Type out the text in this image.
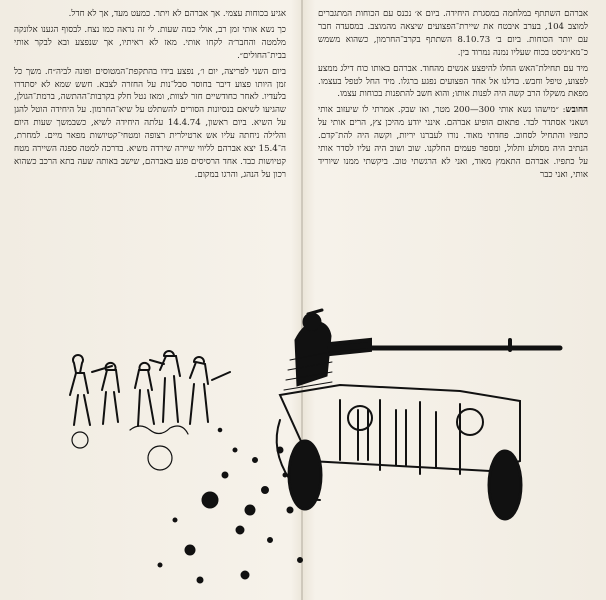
אברהם השתתף במלחמה במסגרת היחידה. ביום א׳ נכנס עם הכוחות המתגברים למוצב 104, בערב איבטח את שיירת־הפצועים שיצאה מהמוצב. במסעדה חבר עם יותר הכוחות. ביום ב׳ 8.10.73 השתתף בקרב־החרמון, כשהוא משמש כ־מא״גיסט בכוח שעליו נמנה נמרוד בין.

מיד עם תחילת־האש החלו להיפצע אנשים מהחוד. אברהם באותו כוח דילג ממצע לפצוע, טיפל וחבש. בדלנו אל אחד הפצועים נפגע ברגלו. מיד החל לטפל בעצמו. מפאת משקלו הרב קשה היה לפנות אותו; והוא חשב להתפנות בכוחות עצמו.

החובש: ״מישהו נשא אותי 300—200 מטר, ואז שבק. אמרתי לו שיעזוב אותי ושאני אסתדר לבד. פתאום הופיע אברהם. אינני יודע מהיכן צץ, הרים אותי על כתפיו והתחיל לסחוב. פחדתי מאוד. נורו לעברנו יריות, וקשה היה להת־קדם. הנתיב היה מסולע ותלול, ומספר פעמים החלקנו. שוב ושוב היה עליו לסדר אותי על כתפיו. אברהם התאמץ מאוד, ואני לא הרגשתי טוב. ביקשתי ממנו שיוריד אותי, ואני כבר

אגיע בכוחות עצמי. אך אברהם לא ויתר. כמעט מעד, אך לא חדל.

כך נשא אותי זמן רב, אולי כמה שעות. לי זה נראה כמו נצח. לבסוף הגענו אלונקה מלמטה והחבר׳ה לקחו אותי. מאז לא ראיתיו, אך שנפצע ובא לבקר אותי בבית־החולים״.

ביום השני לפריצה, יום ו׳, נפצע בידו בהתקפת־המטוסים ופונה לביה״ח. משך כל זמן היותו פצוע דיבר בחוסר סבל־נות על החזרה לצבא. חשש שמא לא יסתדרו בלעדיו. לאחר כחודשיים חזר לצוות, ומאז נטל חלק בקרבות־ההתשה, ברמת־הגולן, שהגיעו לשיאם בנסיונות הסורים להשתלט על שיא־החרמון. על היחידה הוטל להגן על השיא. ביום ראשון, 14.4.74 עלתה היחידה לשיא, כשבמשך שעות היום והלילה ניחתה עליו אש ארטילרית רצופה ומטחי־קטיושות מפאר מיים. למחרת, ה־15.4 יצא אברהם לליווי שיירה שירדה משיא. בדרכה למטה ספגה השיירה מטח קטיושות כבד. אחד הרסיסים פגע באברהם, שישב באותה שעה בתא הרכב כשהוא רכון על הנהג, והרגו במקום.
